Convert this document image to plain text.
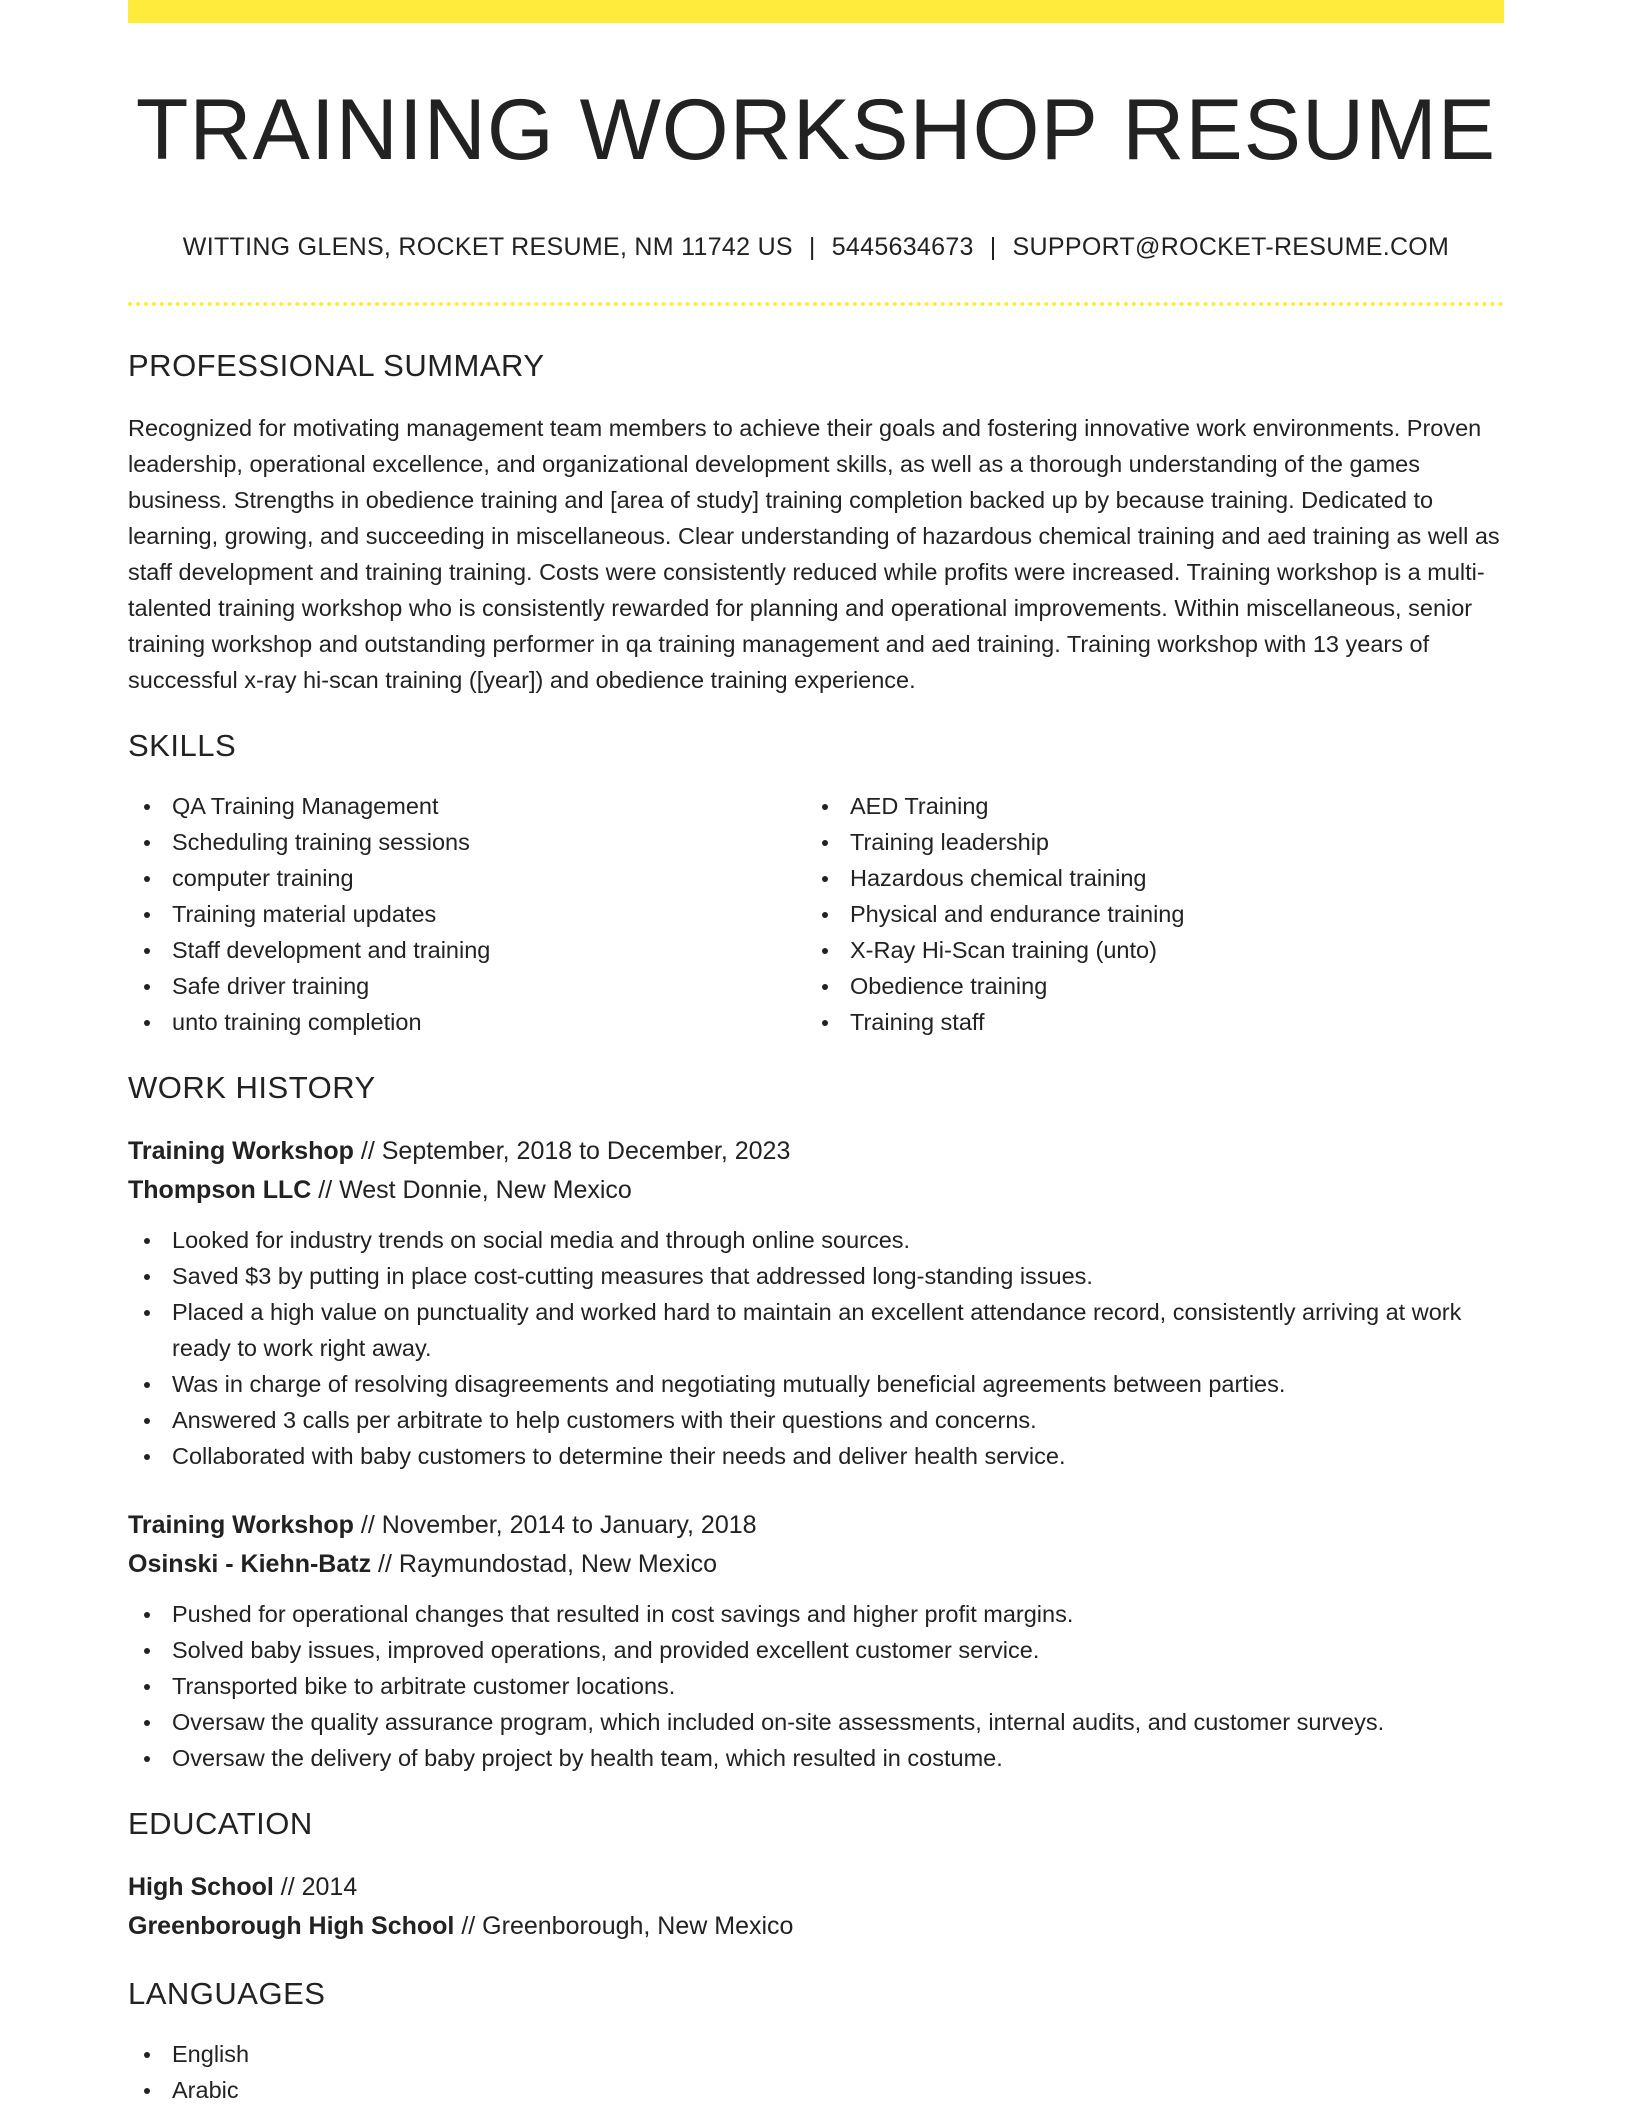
TRAINING WORKSHOP RESUME
WITTING GLENS, ROCKET RESUME, NM 11742 US | 5445634673 | SUPPORT@ROCKET-RESUME.COM
PROFESSIONAL SUMMARY

Recognized for motivating management team members to achieve their goals and fostering innovative work environments. Proven leadership, operational excellence, and organizational development skills, as well as a thorough understanding of the games business. Strengths in obedience training and [area of study] training completion backed up by because training. Dedicated to learning, growing, and succeeding in miscellaneous. Clear understanding of hazardous chemical training and aed training as well as staff development and training training. Costs were consistently reduced while profits were increased. Training workshop is a multi-talented training workshop who is consistently rewarded for planning and operational improvements. Within miscellaneous, senior training workshop and outstanding performer in qa training management and aed training. Training workshop with 13 years of successful x-ray hi-scan training ([year]) and obedience training experience.

SKILLS
QA Training Management
Scheduling training sessions
computer training
Training material updates
Staff development and training
Safe driver training
unto training completion
AED Training
Training leadership
Hazardous chemical training
Physical and endurance training
X-Ray Hi-Scan training (unto)
Obedience training
Training staff
WORK HISTORY
Training Workshop // September, 2018 to December, 2023
Thompson LLC // West Donnie, New Mexico
Looked for industry trends on social media and through online sources.
Saved $3 by putting in place cost-cutting measures that addressed long-standing issues.
Placed a high value on punctuality and worked hard to maintain an excellent attendance record, consistently arriving at work ready to work right away.
Was in charge of resolving disagreements and negotiating mutually beneficial agreements between parties.
Answered 3 calls per arbitrate to help customers with their questions and concerns.
Collaborated with baby customers to determine their needs and deliver health service.
Training Workshop // November, 2014 to January, 2018
Osinski - Kiehn-Batz // Raymundostad, New Mexico
Pushed for operational changes that resulted in cost savings and higher profit margins.
Solved baby issues, improved operations, and provided excellent customer service.
Transported bike to arbitrate customer locations.
Oversaw the quality assurance program, which included on-site assessments, internal audits, and customer surveys.
Oversaw the delivery of baby project by health team, which resulted in costume.
EDUCATION
High School // 2014
Greenborough High School // Greenborough, New Mexico
LANGUAGES
English
Arabic
